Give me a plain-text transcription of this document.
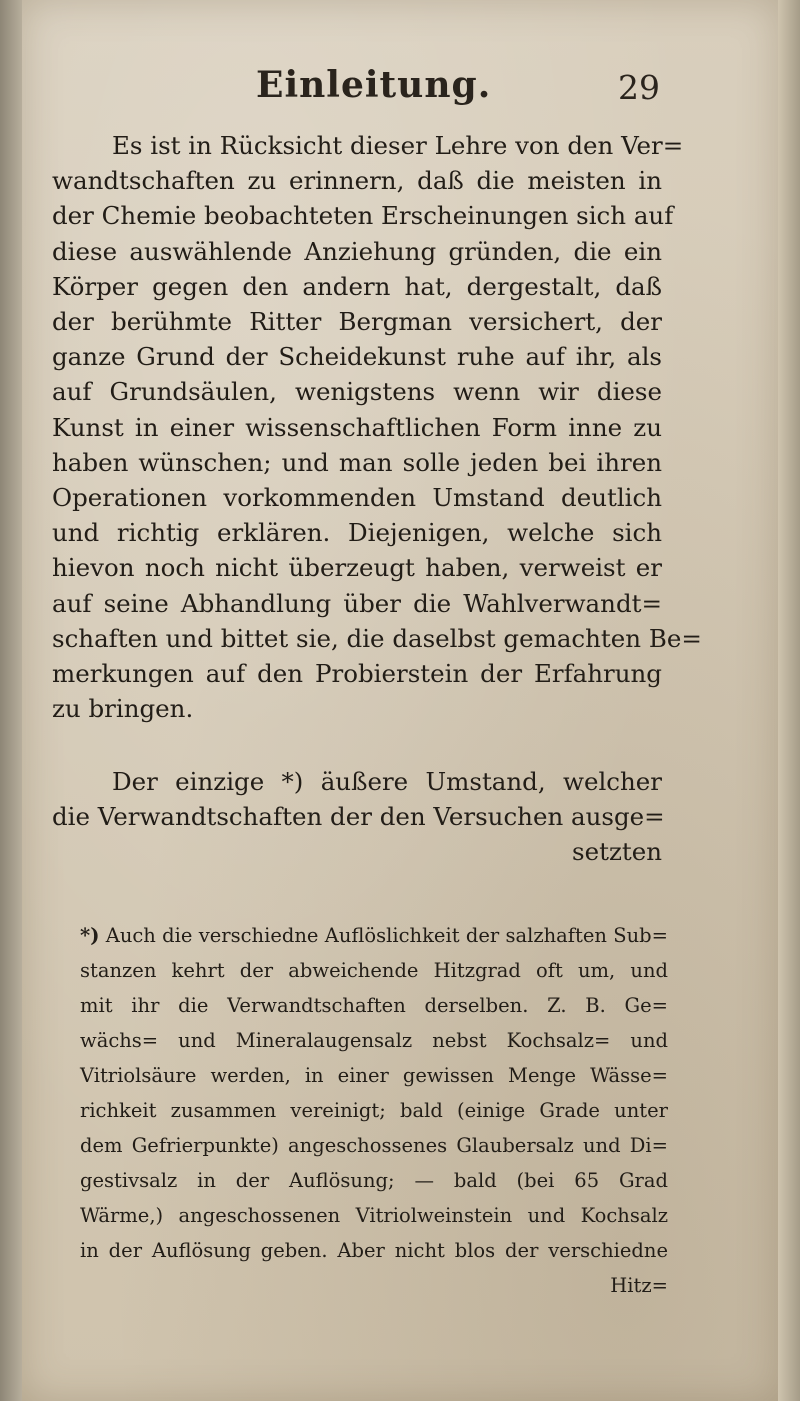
Einleitung.	29
Es ist in Rücksicht dieser Lehre von den Ver=
wandtschaften zu erinnern, daß die meisten in
der Chemie beobachteten Erscheinungen sich auf
diese auswählende Anziehung gründen, die ein
Körper gegen den andern hat, dergestalt, daß
der berühmte Ritter Bergman versichert, der
ganze Grund der Scheidekunst ruhe auf ihr, als
auf Grundsäulen, wenigstens wenn wir diese
Kunst in einer wissenschaftlichen Form inne zu
haben wünschen; und man solle jeden bei ihren
Operationen vorkommenden Umstand deutlich
und richtig erklären. Diejenigen, welche sich
hievon noch nicht überzeugt haben, verweist er
auf seine Abhandlung über die Wahlverwandt=
schaften und bittet sie, die daselbst gemachten Be=
merkungen auf den Probierstein der Erfahrung
zu bringen.
Der einzige *) äußere Umstand, welcher
die Verwandtschaften der den Versuchen ausge=
setzten
*) Auch die verschiedne Auflöslichkeit der salzhaften Sub=
stanzen kehrt der abweichende Hitzgrad oft um, und
mit ihr die Verwandtschaften derselben. Z. B. Ge=
wächs= und Mineralaugensalz nebst Kochsalz= und
Vitriolsäure werden, in einer gewissen Menge Wässe=
richkeit zusammen vereinigt; bald (einige Grade unter
dem Gefrierpunkte) angeschossenes Glaubersalz und Di=
gestivsalz in der Auflösung; — bald (bei 65 Grad
Wärme,) angeschossenen Vitriolweinstein und Kochsalz
in der Auflösung geben. Aber nicht blos der verschiedne
Hitz=
